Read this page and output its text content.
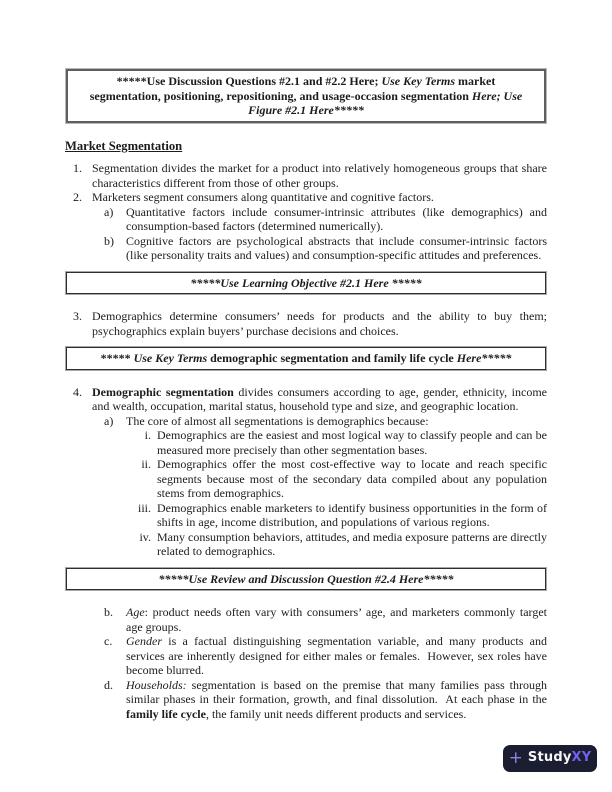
*****Use Discussion Questions #2.1 and #2.2 Here; Use Key Terms market segmentation, positioning, repositioning, and usage-occasion segmentation Here; Use Figure #2.1 Here*****
Market Segmentation
1. Segmentation divides the market for a product into relatively homogeneous groups that share characteristics different from those of other groups.
2. Marketers segment consumers along quantitative and cognitive factors.
a)	Quantitative factors include consumer-intrinsic attributes (like demographics) and consumption-based factors (determined numerically).
b)	Cognitive factors are psychological abstracts that include consumer-intrinsic factors (like personality traits and values) and consumption-specific attitudes and preferences.
*****Use Learning Objective #2.1 Here *****
3. Demographics determine consumers’ needs for products and the ability to buy them; psychographics explain buyers’ purchase decisions and choices.
***** Use Key Terms demographic segmentation and family life cycle Here*****
4. Demographic segmentation divides consumers according to age, gender, ethnicity, income and wealth, occupation, marital status, household type and size, and geographic location.
a)	The core of almost all segmentations is demographics because:
i. Demographics are the easiest and most logical way to classify people and can be measured more precisely than other segmentation bases.
ii. Demographics offer the most cost-effective way to locate and reach specific segments because most of the secondary data compiled about any population stems from demographics.
iii. Demographics enable marketers to identify business opportunities in the form of shifts in age, income distribution, and populations of various regions.
iv. Many consumption behaviors, attitudes, and media exposure patterns are directly related to demographics.
*****Use Review and Discussion Question #2.4 Here*****
b.	Age: product needs often vary with consumers’ age, and marketers commonly target age groups.
c.	Gender is a factual distinguishing segmentation variable, and many products and services are inherently designed for either males or females.  However, sex roles have become blurred.
d.	Households: segmentation is based on the premise that many families pass through similar phases in their formation, growth, and final dissolution.  At each phase in the family life cycle, the family unit needs different products and services.
+ Study XY
